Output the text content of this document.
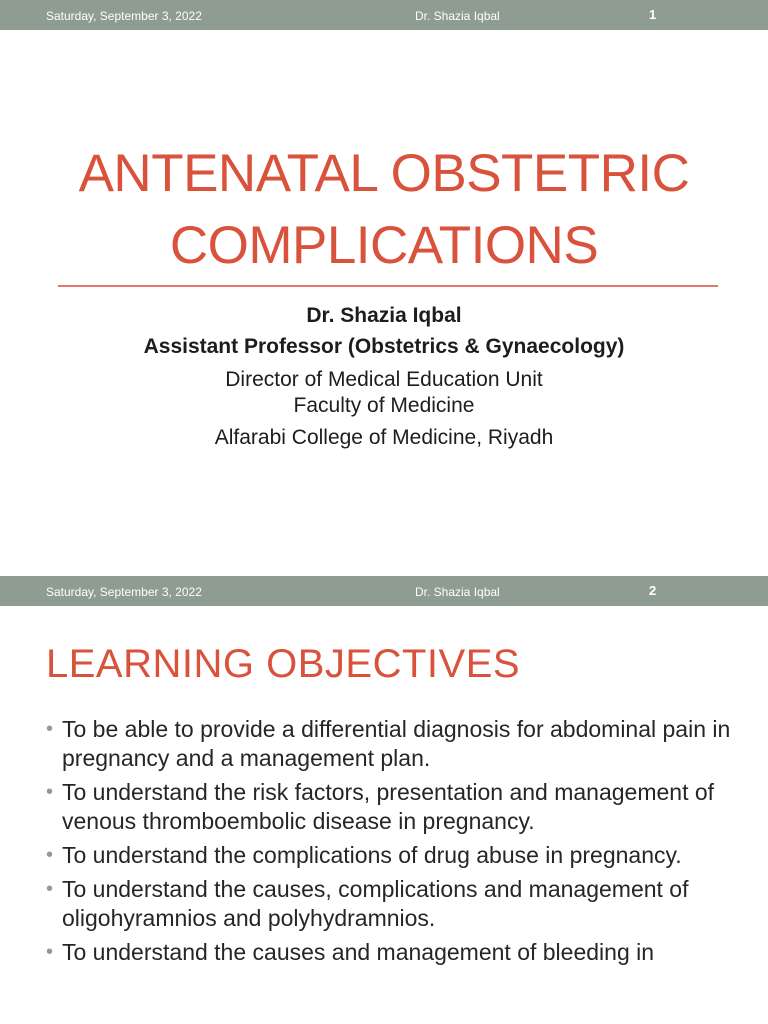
Saturday, September 3, 2022	Dr. Shazia Iqbal	1
ANTENATAL OBSTETRIC
COMPLICATIONS
Dr. Shazia Iqbal
Assistant Professor (Obstetrics & Gynaecology)
Director of Medical Education Unit
Faculty of Medicine
Alfarabi College of Medicine, Riyadh
Saturday, September 3, 2022	Dr. Shazia Iqbal	2
LEARNING OBJECTIVES
• To be able to provide a differential diagnosis for abdominal pain in pregnancy and a management plan.
• To understand the risk factors, presentation and management of venous thromboembolic disease in pregnancy.
• To understand the complications of drug abuse in pregnancy.
• To understand the causes, complications and management of oligohyramnios and polyhydramnios.
• To understand the causes and management of bleeding in
